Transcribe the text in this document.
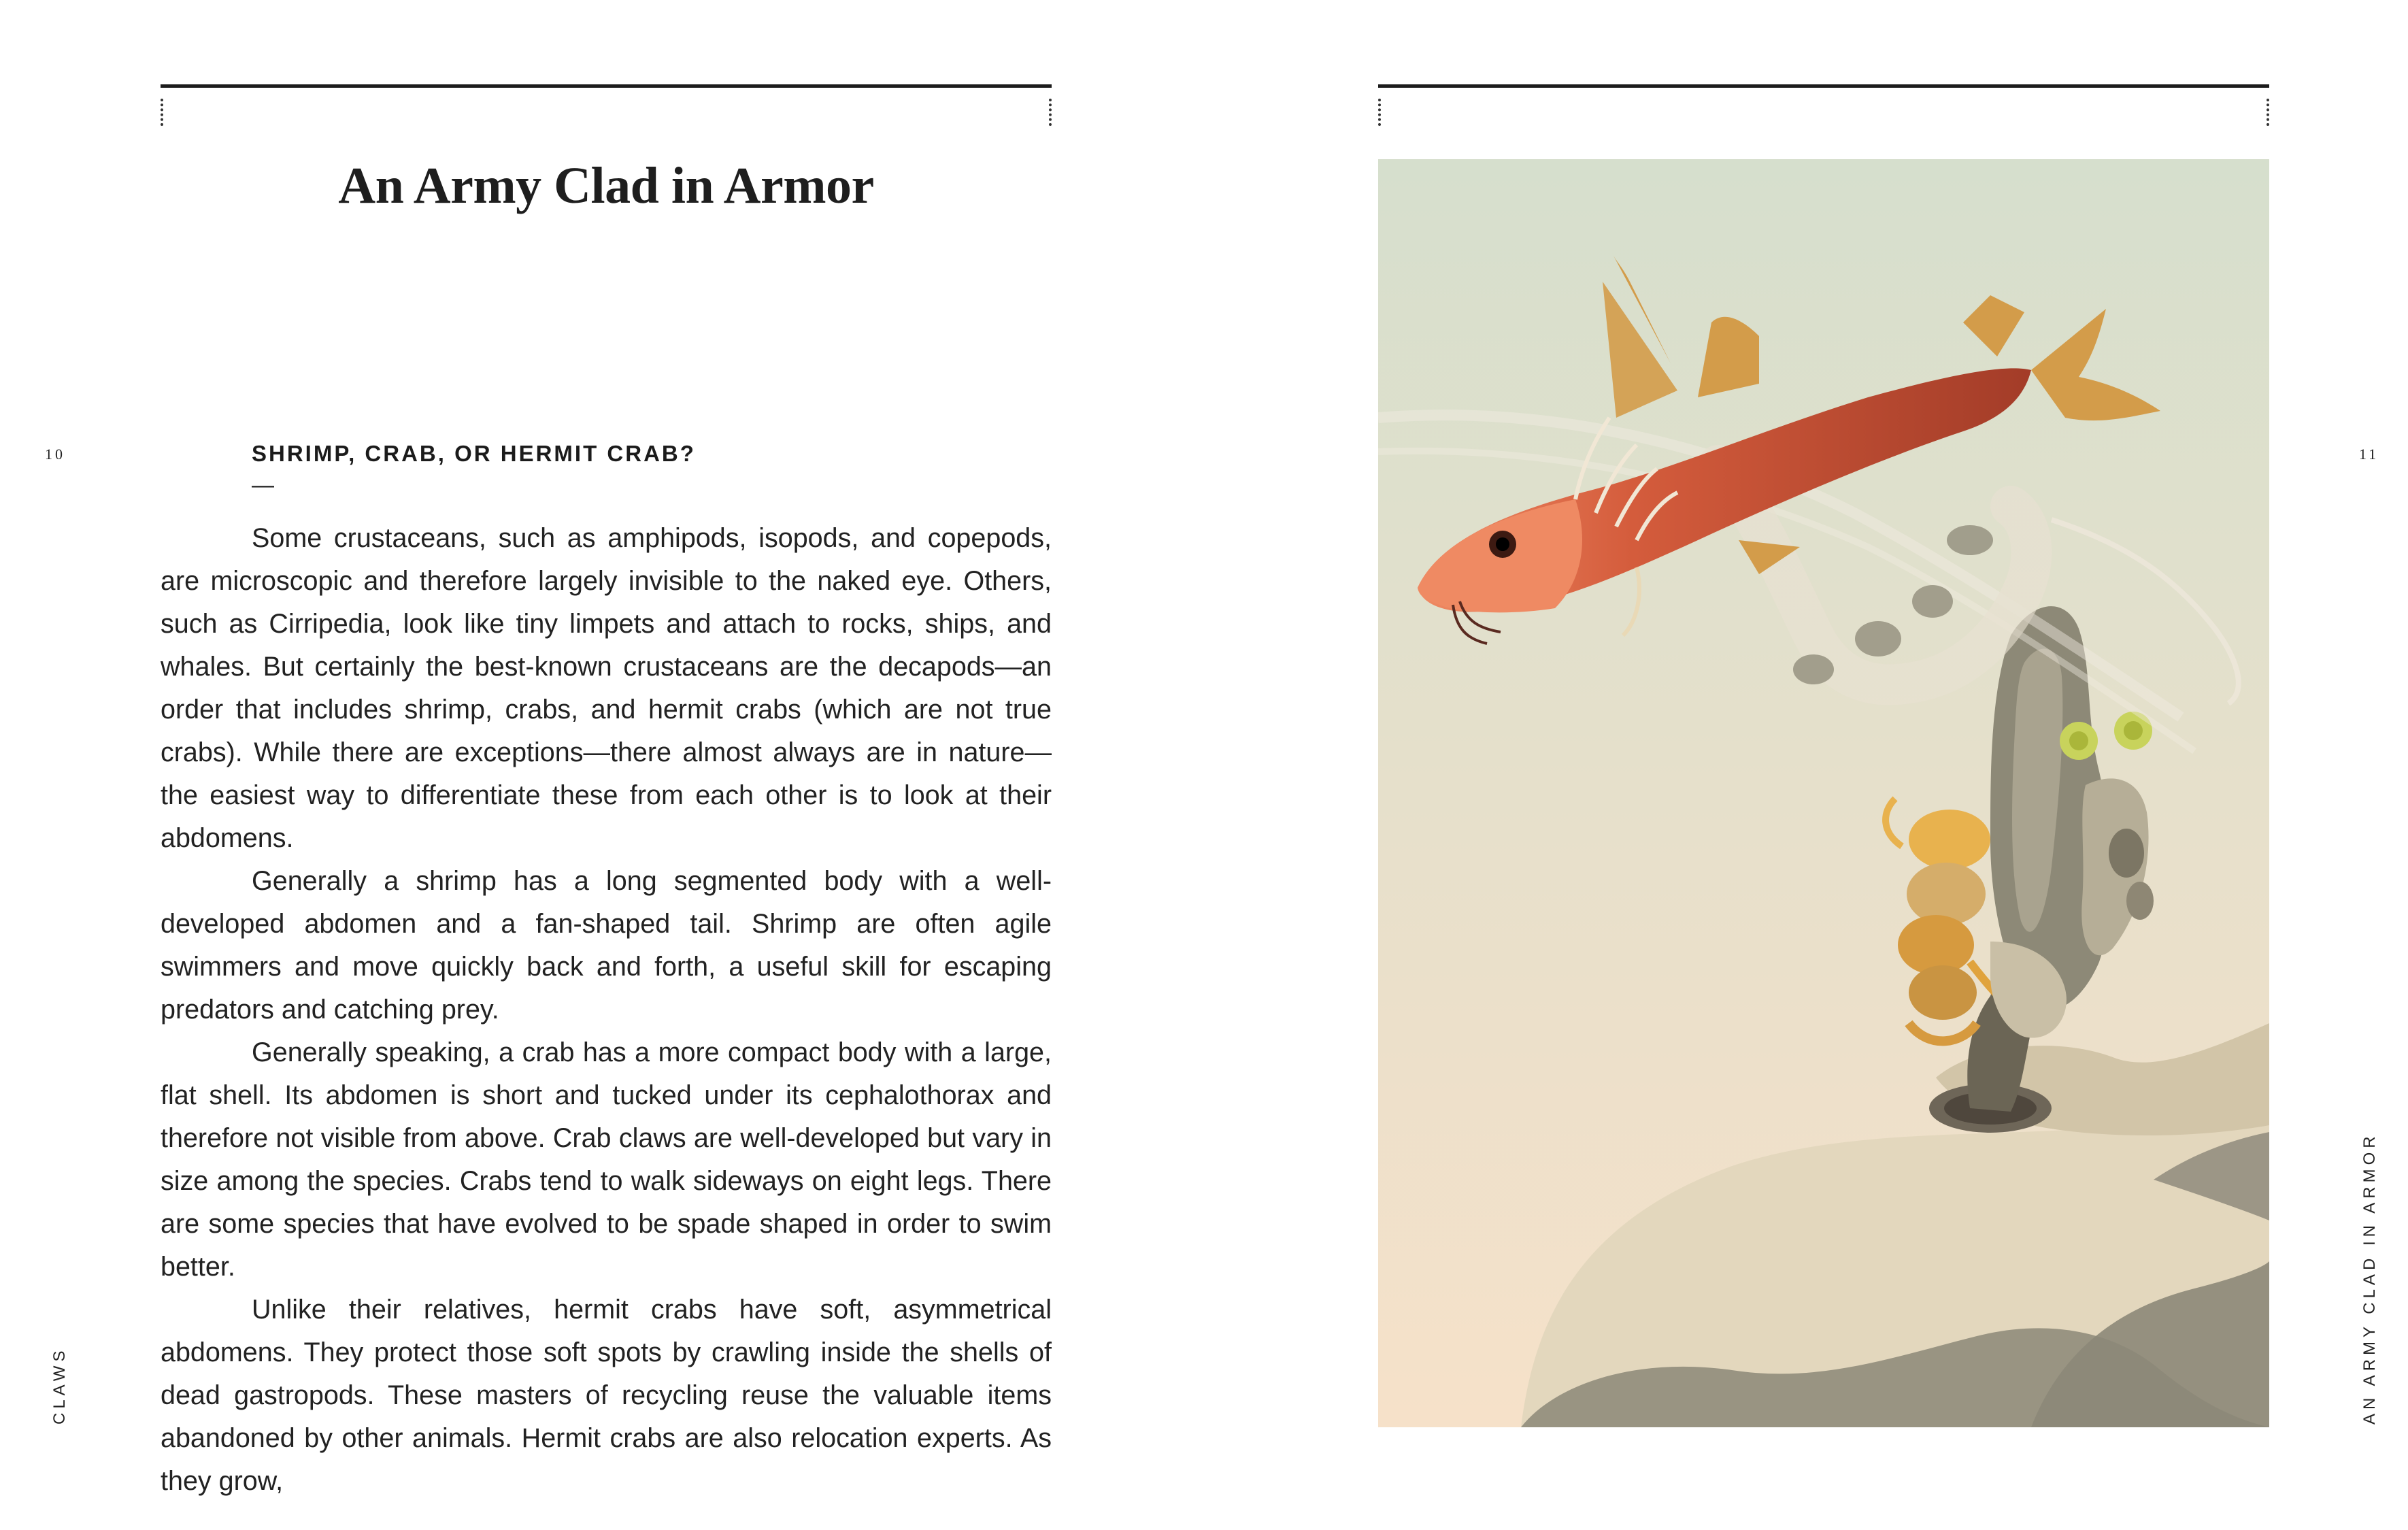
An Army Clad in Armor
10	SHRIMP, CRAB, OR HERMIT CRAB?
—

Some crustaceans, such as amphipods, isopods, and copepods, are microscopic and therefore largely invisible to the naked eye. Others, such as Cirripedia, look like tiny limpets and attach to rocks, ships, and whales. But certainly the best-known crustaceans are the decapods—an order that includes shrimp, crabs, and hermit crabs (which are not true crabs). While there are exceptions—there almost always are in nature—the easiest way to differentiate these from each other is to look at their abdomens.

Generally a shrimp has a long segmented body with a well-developed abdomen and a fan-shaped tail. Shrimp are often agile swimmers and move quickly back and forth, a useful skill for escaping predators and catching prey.

Generally speaking, a crab has a more compact body with a large, flat shell. Its abdomen is short and tucked under its cephalothorax and therefore not visible from above. Crab claws are well-developed but vary in size among the species. Crabs tend to walk sideways on eight legs. There are some species that have evolved to be spade shaped in order to swim better.

Unlike their relatives, hermit crabs have soft, asymmetrical abdomens. They protect those soft spots by crawling inside the shells of dead gastropods. These masters of recycling reuse the valuable items abandoned by other animals. Hermit crabs are also relocation experts. As they grow,

CLAWS
11
AN ARMY CLAD IN ARMOR
